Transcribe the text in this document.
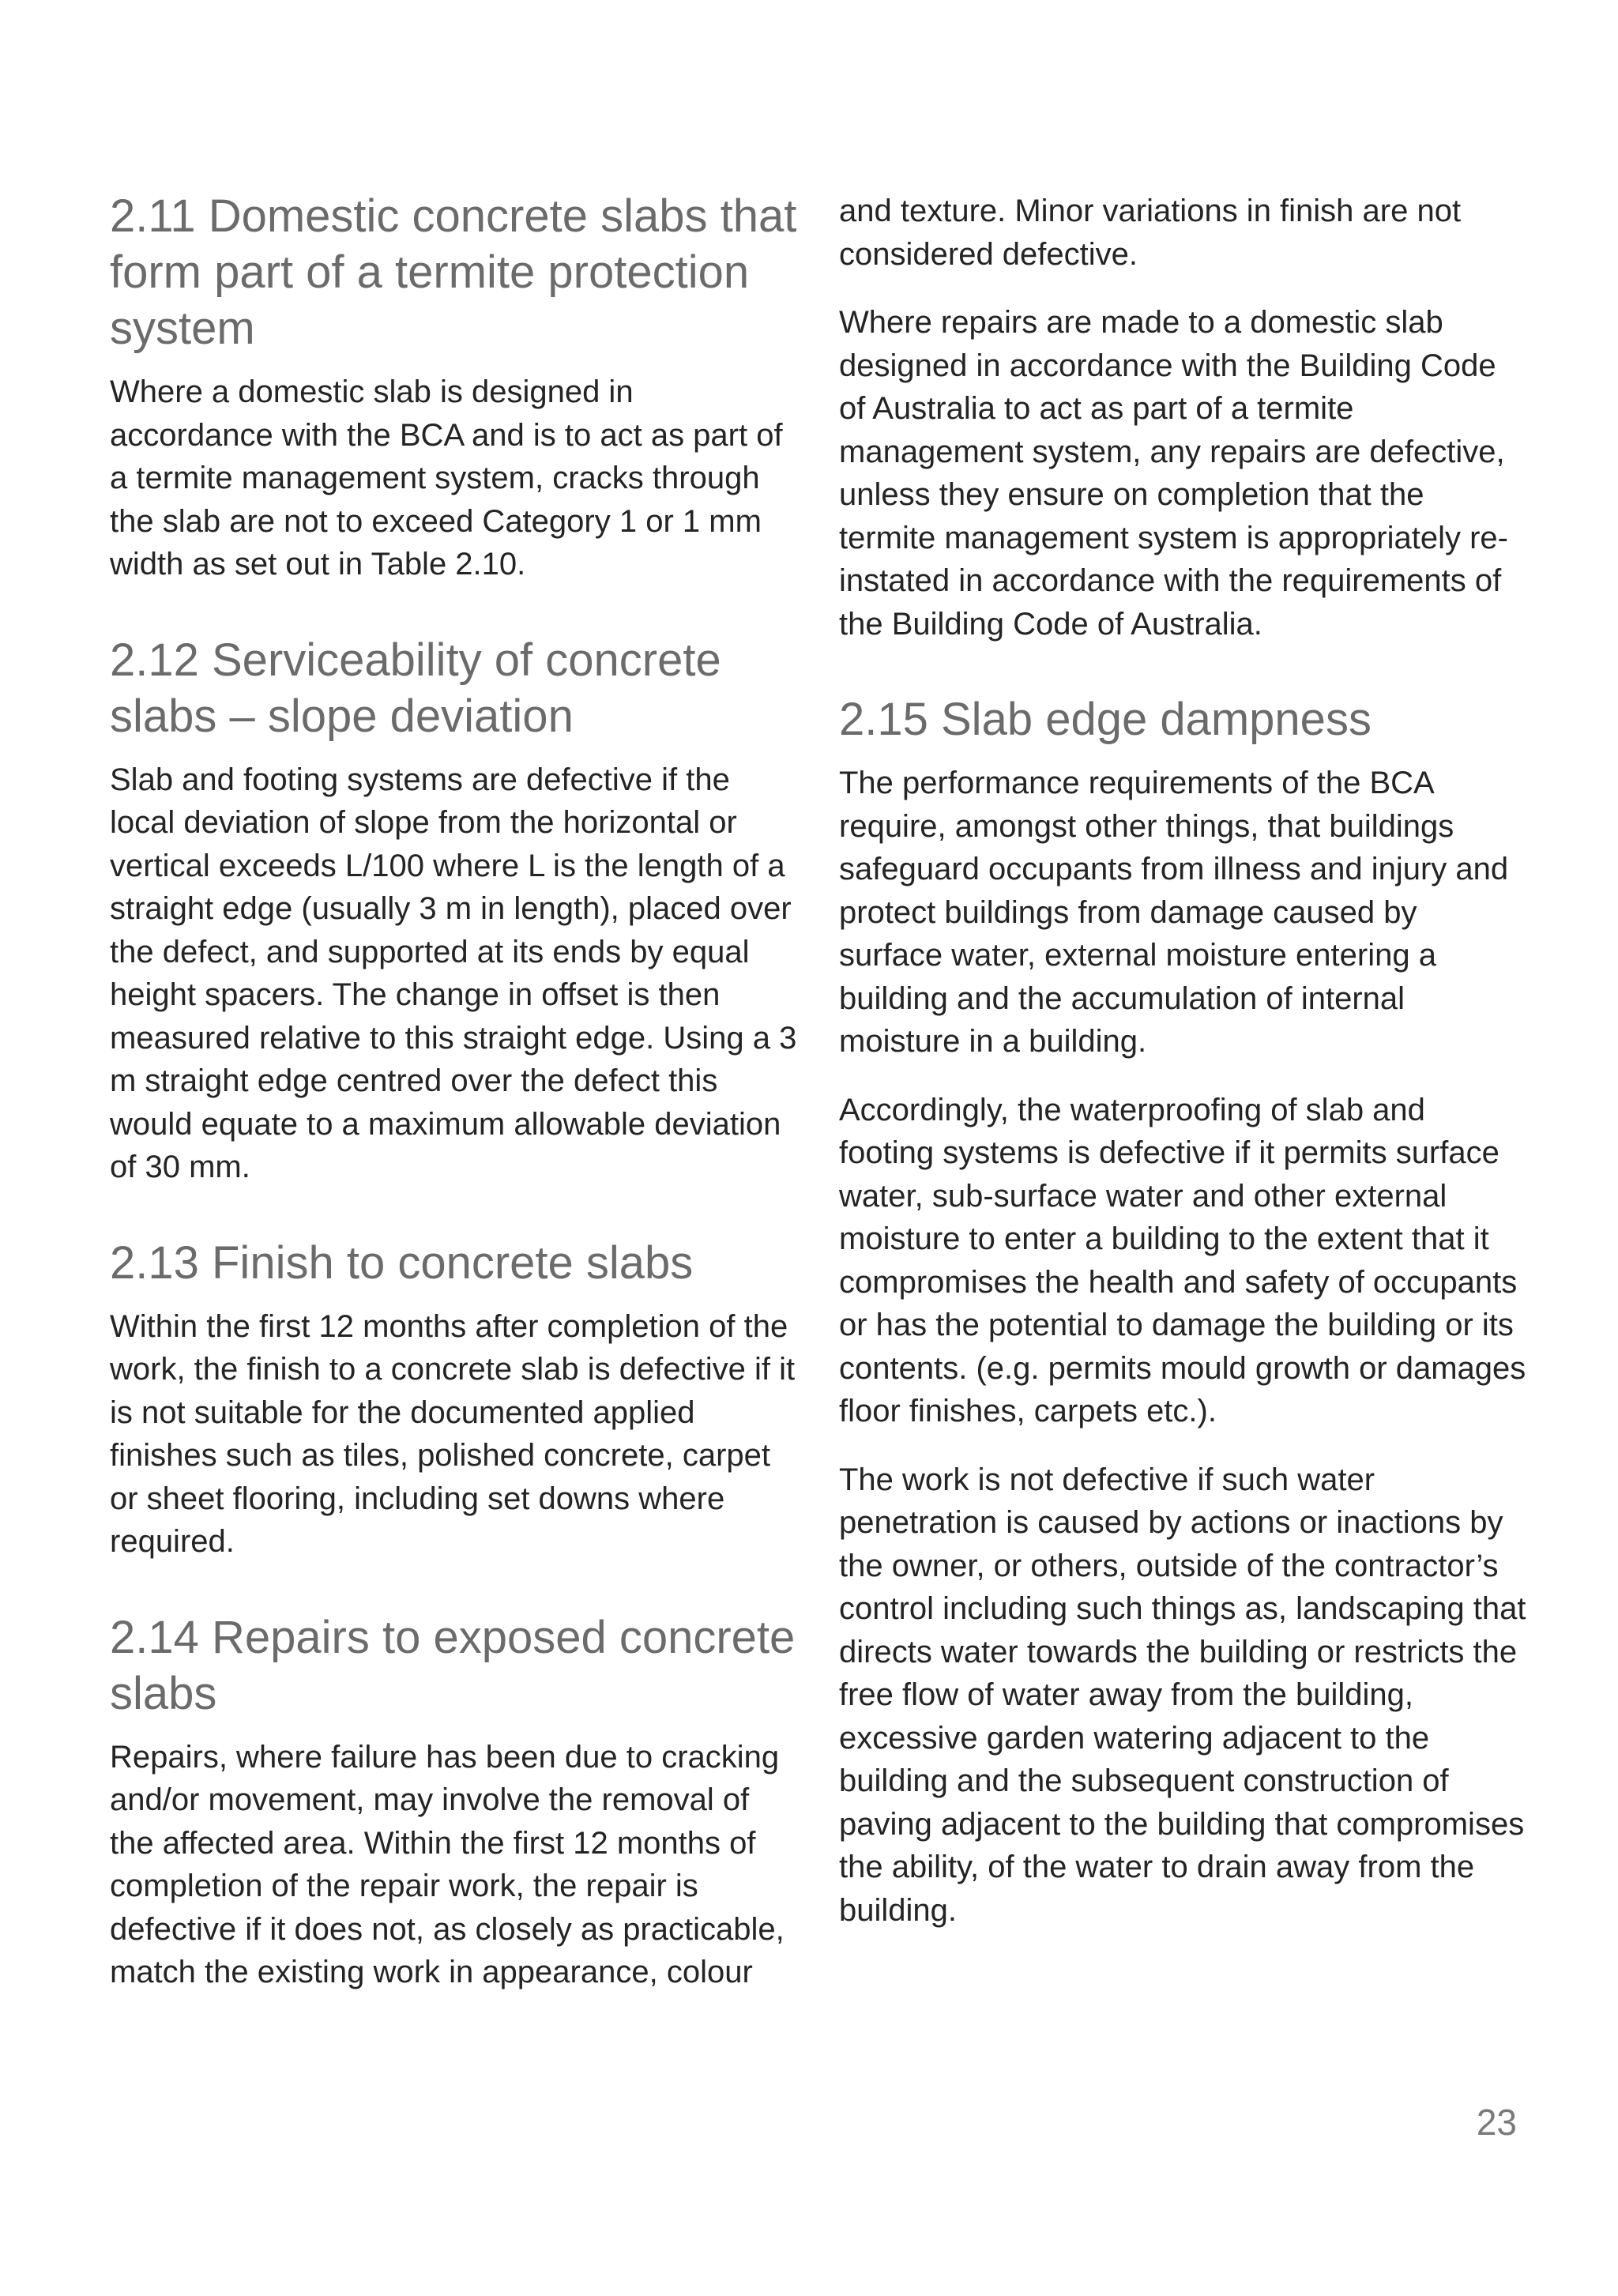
2.11 Domestic concrete slabs that form part of a termite protection system

Where a domestic slab is designed in accordance with the BCA and is to act as part of a termite management system, cracks through the slab are not to exceed Category 1 or 1 mm width as set out in Table 2.10.

2.12 Serviceability of concrete slabs – slope deviation

Slab and footing systems are defective if the local deviation of slope from the horizontal or vertical exceeds L/100 where L is the length of a straight edge (usually 3 m in length), placed over the defect, and supported at its ends by equal height spacers. The change in offset is then measured relative to this straight edge. Using a 3 m straight edge centred over the defect this would equate to a maximum allowable deviation of 30 mm.

2.13 Finish to concrete slabs

Within the first 12 months after completion of the work, the finish to a concrete slab is defective if it is not suitable for the documented applied finishes such as tiles, polished concrete, carpet or sheet flooring, including set downs where required.

2.14 Repairs to exposed concrete slabs

Repairs, where failure has been due to cracking and/or movement, may involve the removal of the affected area. Within the first 12 months of completion of the repair work, the repair is defective if it does not, as closely as practicable, match the existing work in appearance, colour

and texture. Minor variations in finish are not considered defective.

Where repairs are made to a domestic slab designed in accordance with the Building Code of Australia to act as part of a termite management system, any repairs are defective, unless they ensure on completion that the termite management system is appropriately re-instated in accordance with the requirements of the Building Code of Australia.

2.15 Slab edge dampness

The performance requirements of the BCA require, amongst other things, that buildings safeguard occupants from illness and injury and protect buildings from damage caused by surface water, external moisture entering a building and the accumulation of internal moisture in a building.

Accordingly, the waterproofing of slab and footing systems is defective if it permits surface water, sub-surface water and other external moisture to enter a building to the extent that it compromises the health and safety of occupants or has the potential to damage the building or its contents. (e.g. permits mould growth or damages floor finishes, carpets etc.).

The work is not defective if such water penetration is caused by actions or inactions by the owner, or others, outside of the contractor’s control including such things as, landscaping that directs water towards the building or restricts the free flow of water away from the building, excessive garden watering adjacent to the building and the subsequent construction of paving adjacent to the building that compromises the ability, of the water to drain away from the building.

23
